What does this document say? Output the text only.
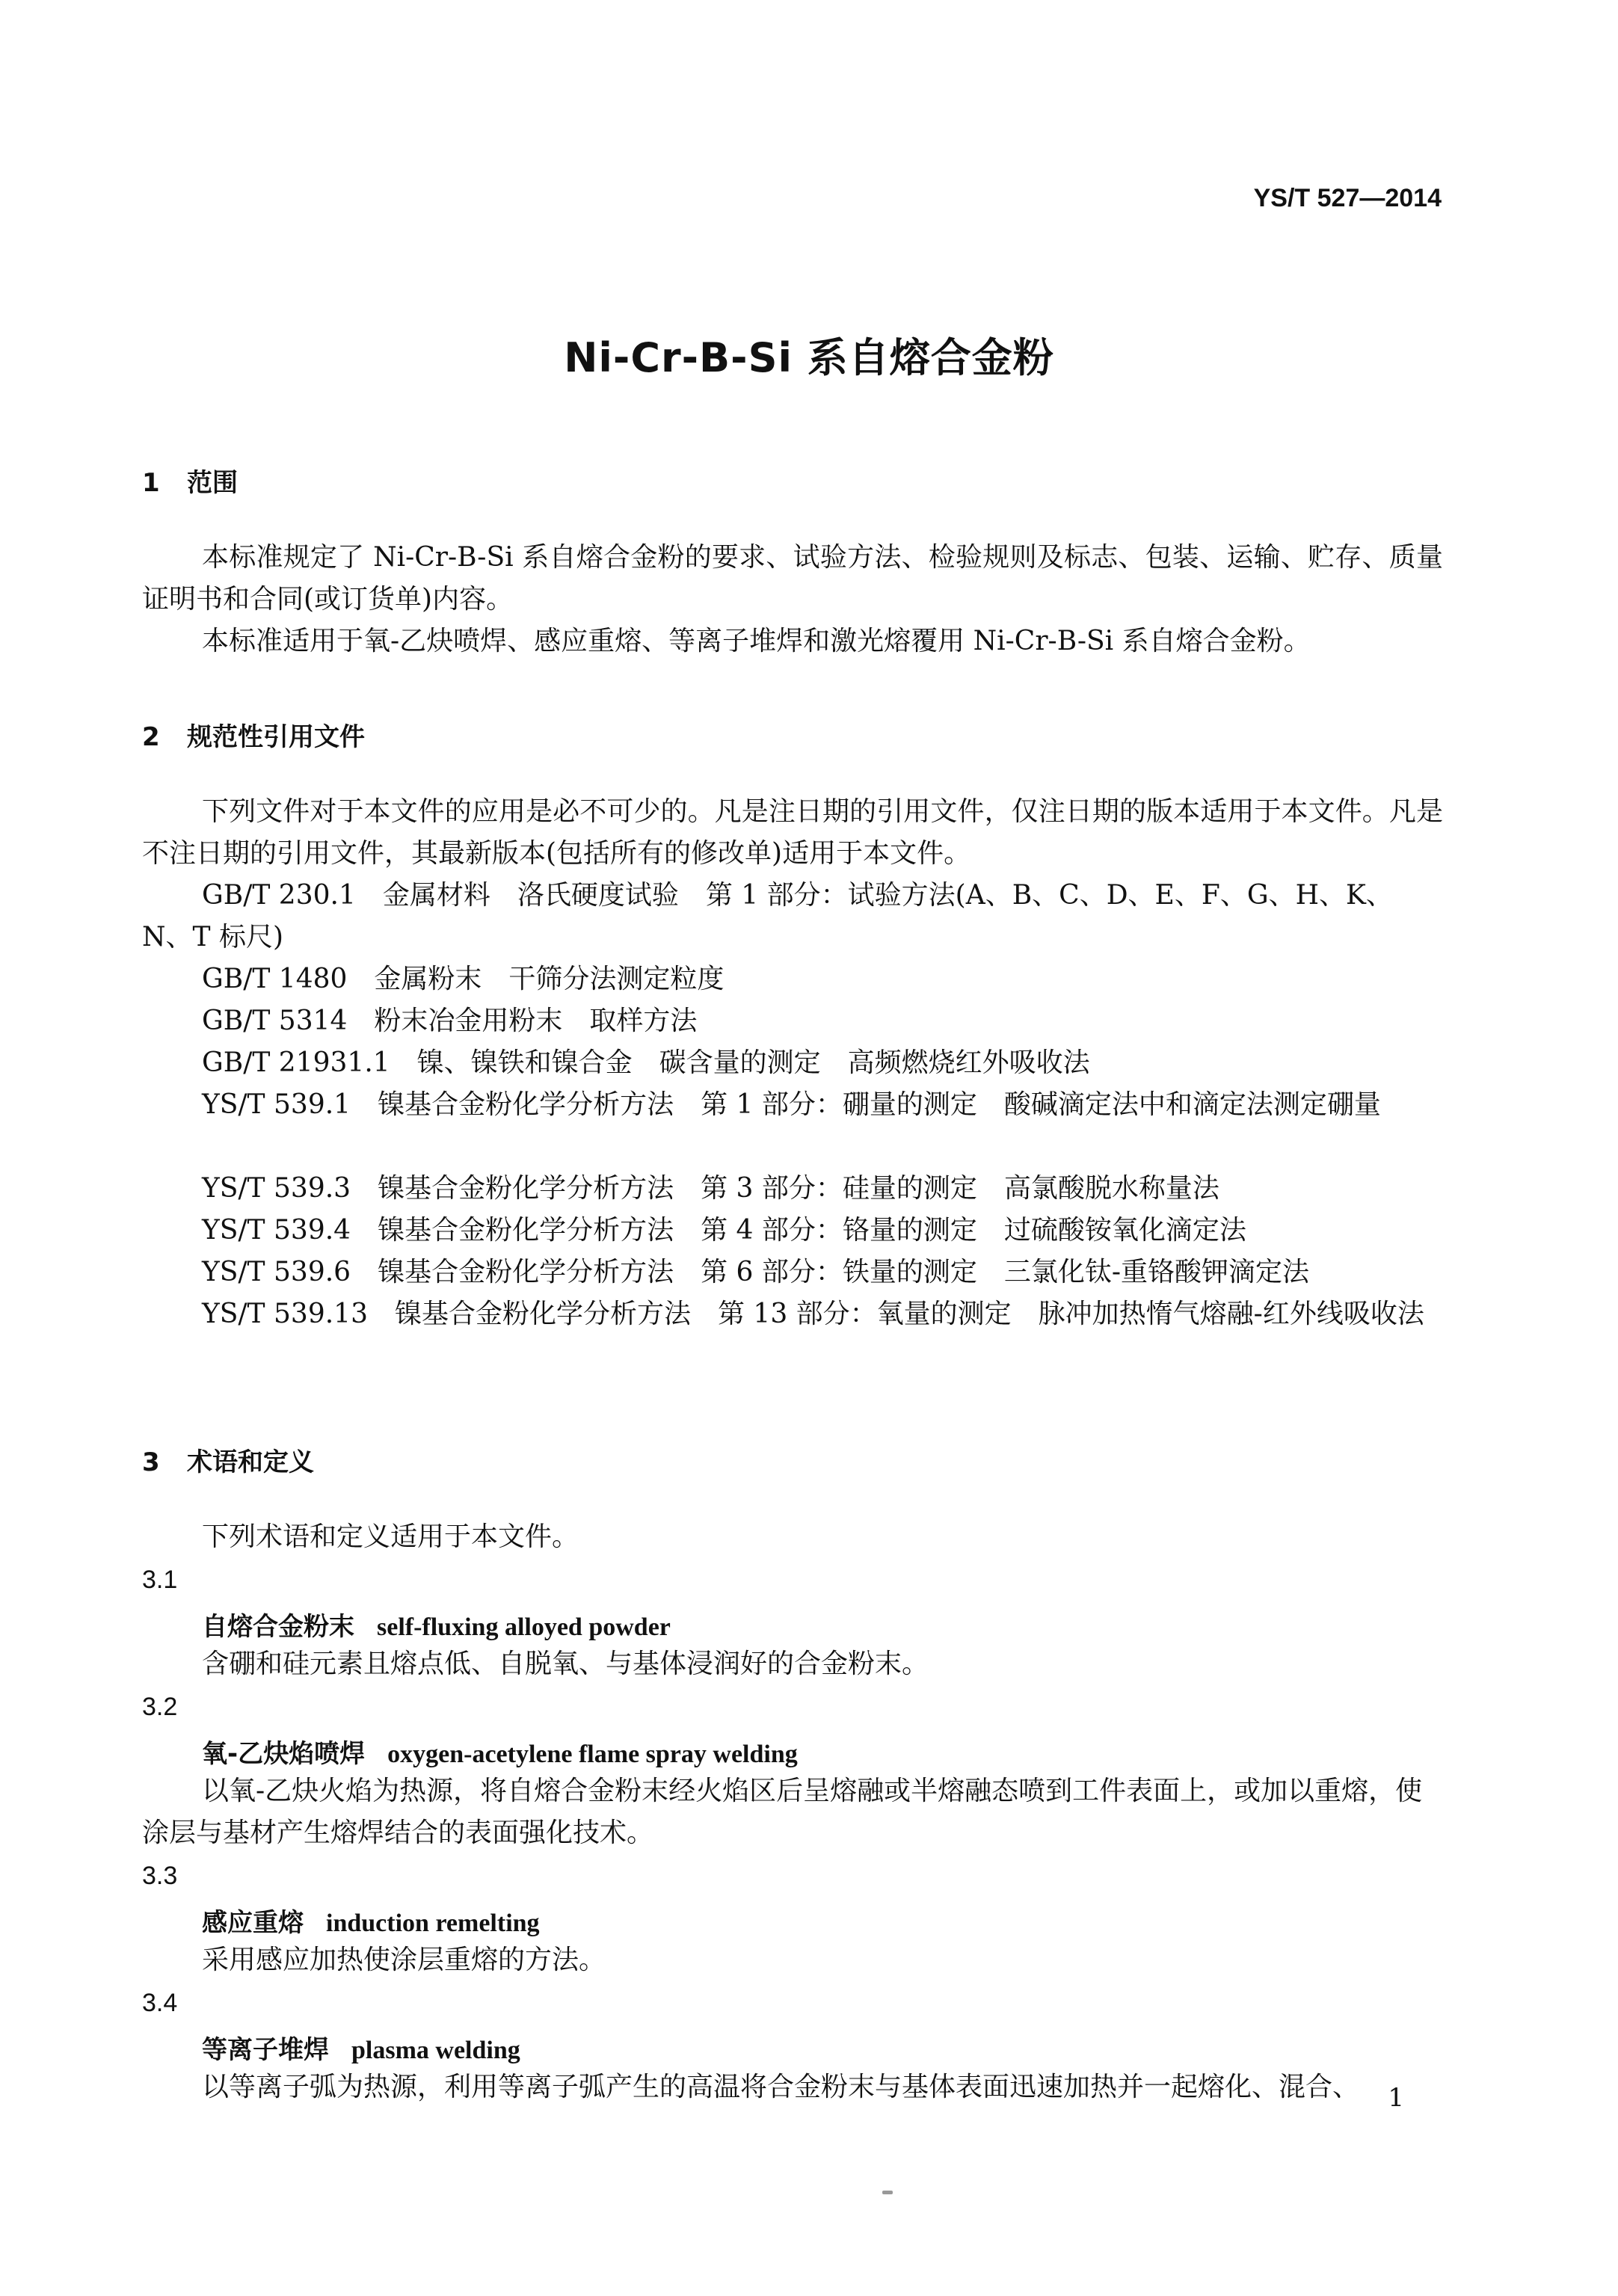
YS/T 527—2014
Ni-Cr-B-Si 系自熔合金粉
1 范围
本标准规定了 Ni-Cr-B-Si 系自熔合金粉的要求、试验方法、检验规则及标志、包装、运输、贮存、质量证明书和合同(或订货单)内容。
本标准适用于氧-乙炔喷焊、感应重熔、等离子堆焊和激光熔覆用 Ni-Cr-B-Si 系自熔合金粉。
2 规范性引用文件
下列文件对于本文件的应用是必不可少的。凡是注日期的引用文件，仅注日期的版本适用于本文件。凡是不注日期的引用文件，其最新版本(包括所有的修改单)适用于本文件。
GB/T 230.1　金属材料　洛氏硬度试验　第 1 部分：试验方法(A、B、C、D、E、F、G、H、K、N、T 标尺)
GB/T 1480　金属粉末　干筛分法测定粒度
GB/T 5314　粉末冶金用粉末　取样方法
GB/T 21931.1　镍、镍铁和镍合金　碳含量的测定　高频燃烧红外吸收法
YS/T 539.1　镍基合金粉化学分析方法　第 1 部分：硼量的测定　酸碱滴定法中和滴定法测定硼量
YS/T 539.3　镍基合金粉化学分析方法　第 3 部分：硅量的测定　高氯酸脱水称量法
YS/T 539.4　镍基合金粉化学分析方法　第 4 部分：铬量的测定　过硫酸铵氧化滴定法
YS/T 539.6　镍基合金粉化学分析方法　第 6 部分：铁量的测定　三氯化钛-重铬酸钾滴定法
YS/T 539.13　镍基合金粉化学分析方法　第 13 部分：氧量的测定　脉冲加热惰气熔融-红外线吸收法
3 术语和定义
下列术语和定义适用于本文件。
3.1
自熔合金粉末 self-fluxing alloyed powder
含硼和硅元素且熔点低、自脱氧、与基体浸润好的合金粉末。
3.2
氧-乙炔焰喷焊 oxygen-acetylene flame spray welding
以氧-乙炔火焰为热源，将自熔合金粉末经火焰区后呈熔融或半熔融态喷到工件表面上，或加以重熔，使涂层与基材产生熔焊结合的表面强化技术。
3.3
感应重熔 induction remelting
采用感应加热使涂层重熔的方法。
3.4
等离子堆焊 plasma welding
以等离子弧为热源，利用等离子弧产生的高温将合金粉末与基体表面迅速加热并一起熔化、混合、	1
